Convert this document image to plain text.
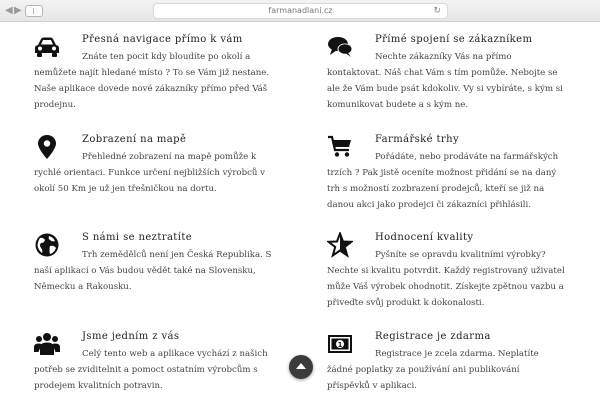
◀ ▶	farmanadlani.cz	↻
Přesná navigace přímo k vám
Znáte ten pocit kdy bloudíte po okolí a nemůžete najít hledané místo ? To se Vám již nestane. Naše aplikace dovede nové zákazníky přímo před Váš prodejnu.
Přímé spojení se zákazníkem
Nechte zákazníky Vás na přímo kontaktovat. Náš chat Vám s tím pomůže. Nebojte se ale že Vám bude psát kdokoliv. Vy si vybíráte, s kým si komunikovat budete a s kým ne.
Zobrazení na mapě
Přehledné zobrazení na mapě pomůže k rychlé orientaci. Funkce určení nejbližších výrobců v okolí 50 Km je už jen třešničkou na dortu.
Farmářské trhy
Pořádáte, nebo prodáváte na farmářských trzích ? Pak jistě oceníte možnost přidání se na daný trh s možností zozbrazení prodejců, kteří se již na danou akci jako prodejci či zákazníci přihlásili.
S námi se neztratíte
Trh zemědělců není jen Česká Republika. S naší aplikací o Vás budou vědět také na Slovensku, Německu a Rakousku.
Hodnocení kvality
Pyšníte se opravdu kvalitními výrobky? Nechte si kvalitu potvrdit. Každý registrovaný uživatel může Váš výrobek ohodnotit. Získejte zpětnou vazbu a přiveďte svůj produkt k dokonalosti.
Jsme jedním z vás
Celý tento web a aplikace vychází z našich potřeb se zviditelnit a pomoct ostatním výrobcům s prodejem kvalitních potravin.
1
Registrace je zdarma
Registrace je zcela zdarma. Neplatíte žádné poplatky za používání ani publikování příspěvků v aplikaci.
